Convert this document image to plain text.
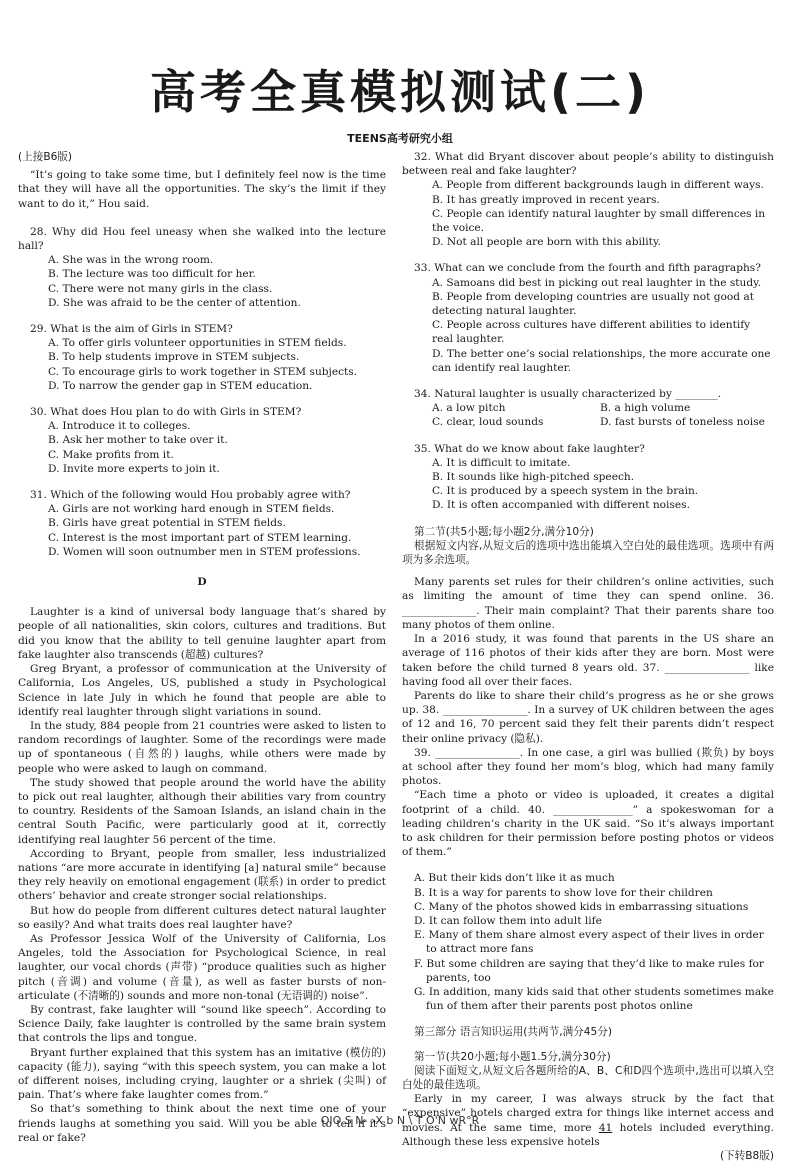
高考全真模拟测试(二)
TEENS高考研究小组
(上接B6版)

“It’s going to take some time, but I definitely feel now is the time that they will have all the opportunities. The sky’s the limit if they want to do it,” Hou said.

28. Why did Hou feel uneasy when she walked into the lecture hall?

A. She was in the wrong room.
B. The lecture was too difficult for her.
C. There were not many girls in the class.
D. She was afraid to be the center of attention.

29. What is the aim of Girls in STEM?

A. To offer girls volunteer opportunities in STEM fields.
B. To help students improve in STEM subjects.
C. To encourage girls to work together in STEM subjects.
D. To narrow the gender gap in STEM education.

30. What does Hou plan to do with Girls in STEM?

A. Introduce it to colleges.
B. Ask her mother to take over it.
C. Make profits from it.
D. Invite more experts to join it.

31. Which of the following would Hou probably agree with?

A. Girls are not working hard enough in STEM fields.
B. Girls have great potential in STEM fields.
C. Interest is the most important part of STEM learning.
D. Women will soon outnumber men in STEM professions.
D

Laughter is a kind of universal body language that’s shared by people of all nationalities, skin colors, cultures and traditions. But did you know that the ability to tell genuine laughter apart from fake laughter also transcends (超越) cultures?

Greg Bryant, a professor of communication at the University of California, Los Angeles, US, published a study in Psychological Science in late July in which he found that people are able to identify real laughter through slight variations in sound.

In the study, 884 people from 21 countries were asked to listen to random recordings of laughter. Some of the recordings were made up of spontaneous (自然的) laughs, while others were made by people who were asked to laugh on command.

The study showed that people around the world have the ability to pick out real laughter, although their abilities vary from country to country. Residents of the Samoan Islands, an island chain in the central South Pacific, were particularly good at it, correctly identifying real laughter 56 percent of the time.

According to Bryant, people from smaller, less industrialized nations “are more accurate in identifying [a] natural smile” because they rely heavily on emotional engagement (联系) in order to predict others’ behavior and create stronger social relationships.

But how do people from different cultures detect natural laughter so easily? And what traits does real laughter have?

As Professor Jessica Wolf of the University of California, Los Angeles, told the Association for Psychological Science, in real laughter, our vocal chords (声带) “produce qualities such as higher pitch (音调) and volume (音量), as well as faster bursts of non-articulate (不清晰的) sounds and more non-tonal (无语调的) noise”.

By contrast, fake laughter will “sound like speech”. According to Science Daily, fake laughter is controlled by the same brain system that controls the lips and tongue.

Bryant further explained that this system has an imitative (模仿的) capacity (能力), saying “with this speech system, you can make a lot of different noises, including crying, laughter or a shriek (尖叫) of pain. That’s where fake laughter comes from.”

So that’s something to think about the next time one of your friends laughs at something you said. Will you be able to tell if it’s real or fake?

32. What did Bryant discover about people’s ability to distinguish between real and fake laughter?

A. People from different backgrounds laugh in different ways.
B. It has greatly improved in recent years.
C. People can identify natural laughter by small differences in the voice.
D. Not all people are born with this ability.

33. What can we conclude from the fourth and fifth paragraphs?

A. Samoans did best in picking out real laughter in the study.
B. People from developing countries are usually not good at detecting natural laughter.
C. People across cultures have different abilities to identify real laughter.
D. The better one’s social relationships, the more accurate one can identify real laughter.

34. Natural laughter is usually characterized by ________.

A. a low pitch	B. a high volume
C. clear, loud sounds	D. fast bursts of toneless noise

35. What do we know about fake laughter?

A. It is difficult to imitate.
B. It sounds like high-pitched speech.
C. It is produced by a speech system in the brain.
D. It is often accompanied with different noises.
第二节(共5小题;每小题2分,满分10分)

根据短文内容,从短文后的选项中选出能填入空白处的最佳选项。选项中有两项为多余选项。

Many parents set rules for their children’s online activities, such as limiting the amount of time they can spend online. 36. ______________. Their main complaint? That their parents share too many photos of them online.

In a 2016 study, it was found that parents in the US share an average of 116 photos of their kids after they are born. Most were taken before the child turned 8 years old. 37. ________________ like having food all over their faces.

Parents do like to share their child’s progress as he or she grows up. 38. ________________. In a survey of UK children between the ages of 12 and 16, 70 percent said they felt their parents didn’t respect their online privacy (隐私).

39. ________________. In one case, a girl was bullied (欺负) by boys at school after they found her mom’s blog, which had many family photos.

“Each time a photo or video is uploaded, it creates a digital footprint of a child. 40. _______________” a spokeswoman for a leading children’s charity in the UK said. “So it’s always important to ask children for their permission before posting photos or videos of them.”

A. But their kids don’t like it as much
B. It is a way for parents to show love for their children
C. Many of the photos showed kids in embarrassing situations
D. It can follow them into adult life
E. Many of them share almost every aspect of their lives in order to attract more fans
F. But some children are saying that they’d like to make rules for parents, too
G. In addition, many kids said that other students sometimes make fun of them after their parents post photos online
第三部分 语言知识运用(共两节,满分45分)
第一节(共20小题;每小题1.5分,满分30分)

阅读下面短文,从短文后各题所给的A、B、C和D四个选项中,选出可以填入空白处的最佳选项。

Early in my career, I was always struck by the fact that “expensive” hotels charged extra for things like internet access and movies. At the same time, more 41 hotels included everything. Although these less expensive hotels

(下转B8版)
QIO S N- ›X b N \ T O'N wR°R
